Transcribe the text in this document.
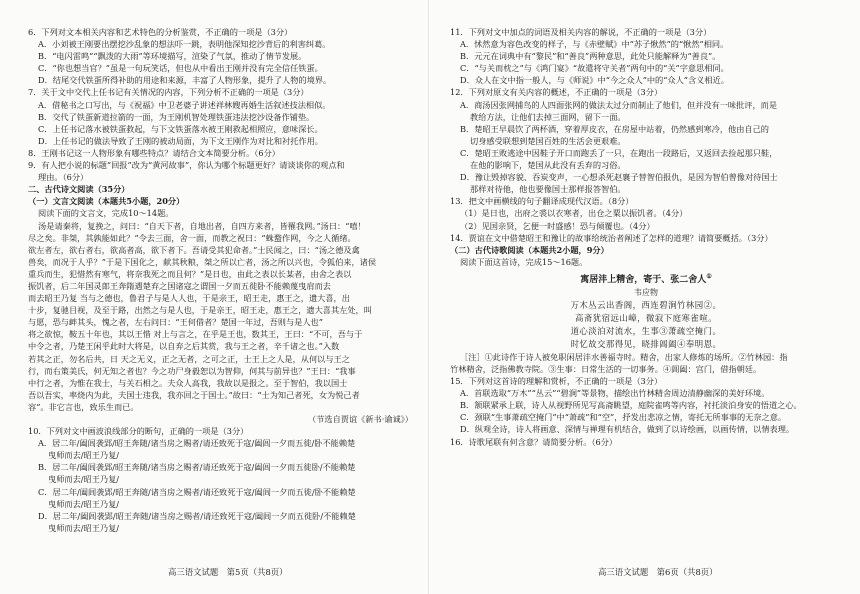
6．下列对文本相关内容和艺术特色的分析鉴赏，不正确的一项是（3分）
A．小刘被王刚要出摆挖沙乱象的想法吓一跳，表明他深知挖沙背后的利害纠葛。
B．“电闪雷鸣”“飘泼的大雨”等环境描写，渲染了气氛，推动了情节发展。
C．“你也想当官？”虽是一句玩笑话，但也从中看出王刚并没有完全信任铁蛋。
D．结尾交代铁蛋所得补助的用途和来源，丰富了人物形象，提升了人物的境界。
7．关于文中交代上任书记有关情况的内容，下列分析不正确的一项是（3分）
A．借秘书之口写出，与《祝福》中卫老婆子讲述祥林嫂再婚生活叙述技法相似。
B．交代了铁蛋新道拉箭的一面，为王刚机智处理铁蛋违法挖沙设备作铺垫。
C．上任书记落水被铁蛋救起，与下文铁蛋落水被王刚救起相照应，意味深长。
D．上任书记的做法导致了王刚的被动局面，为下文王刚作为对比和衬托作用。
8．王刚书记这一人物形象有哪些特点？请结合文本简要分析。（6分）
9．有人把小说的标题“回报”改为“黄河故事”，你认为哪个标题更好？请谈谈你的观点和
理由。（6分）
二、古代诗文阅读（35分）
（一）文言文阅读（本题共5小题，20分）
阅读下面的文言文，完成10～14题。
汤是请秦将，复挽之，问曰：“自天下者，自地出者，自四方来者，皆罹我网。”汤曰：“嘻！
尽之矣。非桀，其孰能如此？”令去三面，舍一面，而教之祝曰：“蛛蝥作网，今之人循绪。
欲左者左，欲右者右，欲高者高，欲下者下。吾请受其犯命者。”士民闻之，曰：“汤之德及禽
兽矣，而况于人乎？”于是下国化之，献其秋粮，桀之所以亡者，汤之所以兴也，令狐伯来，诸侯
重兵而生，犯惜然有寒气，将奈我死之而且何？”是日也，由此之表以长某者，由舍之表以
振饥者，后二年国灵郎王奔隋遇楚弃之国诸寇之谓国一夕而五徙卧不能赖蔑曳肩而去
而去昭王乃复 当与之德也，鲁君子与是人人也，于是亲王，昭王走，惠王之，遗大喜，出
十步，复驰目视，及至于路，出然之与是人也，于是亲王，昭王走，惠王之，遗大喜其左处，叫
与愿，恐与衅其头，愧之者，左右问曰：“王何借者？楚国一年过，吾则与是人也”
将之欲惊，鞍五十年也，其以王惜 对上与言之，在乎是王也，数其王，王曰：“不可，吾与于
中令之者，乃楚王闲乎此时大将是，以自弃之后其赏，我与王之者，辛千诸之也。”入数
若其之正，勿名后共，日 天之无义，正之无者，之可之正，士王上之人是，从何以与王之
行，而右策美氏，何无知之者也？今之功尸身毅恕以为智仰，何其与前异也？”王曰：“我事
中行之者，为惟在我士，与关石相之。夫众人高我，我故以是报之。至于智伯，我以国士
吾以吾实，率烧内为此，夫国士违我，我亦回之于国士。”故曰：“士为知己者死，女为悦己者
容”。非它言也，致乐生而已。
（节选自贾谊《新书·谕诚》）
10．下列对文中画波浪线部分的断句，正确的一项是（3分）
A．居二年/阖闾袭郢/昭王奔随/诸当房之赐者/请还致死于寇/阖闾一夕而五徙/卧不能赖楚
曳师而去/昭王乃复/
B．居二年/阖闾袭郢/昭王奔随/诸当房之赐者/请还致死于寇/阖闾一夕而五徙卧/不能赖楚
曳师而去/昭王乃复/
C．居二年/阖闾袭郢/昭王奔随/诸当房之赐者/请还致死于寇/阖闾一夕而五徙/卧不能赖楚
曳师而去/昭王乃复/
D．居二年/阖闾袭郢/昭王奔随/诸当房之赐者/请还致死于寇/阖闾一夕而五徙卧/不能赖楚
曳师而去/昭王乃复/
11．下列对文中加点的词语及相关内容的解说，不正确的一项是（3分）
A．怵然意为容色改变的样子，与《赤壁赋》中“苏子愀然”的“愀然”相同。
B．元元在词典中有“黎民”和“善良”两种意思，此处只能解释为“善良”。
C．“与关而枕之”与《鸿门宴》“故遣将守关者”两句中的“关”字意思相同。
D．众人在文中指一般人，与《师说》中“今之众人”中的“众人”含义相近。
12．下列对原文有关内容的概述，不正确的一项是（3分）
A．商汤因张网捕鸟的人四面张网的做法太过分而制止了他们，但并没有一味批评，而是
教给方法，让他们去掉三面网，留下一面。
B．楚昭王早晨饮了两杯酒，穿着厚皮衣，在房屋中站着，仍然感到寒冷，他由自己的
切身感受联想到楚国百姓的生活会更艰难。
C．楚昭王败逃途中因鞋子开口而跑丢了一只，在跑出一段路后，又返回去捡起那只鞋，
在他的影响下，楚国从此没有丢弃的习俗。
D．豫让毁掉容貌、吞炭变声，一心想杀死赵襄子替智伯报仇，是因为智伯曾像对待国士
那样对待他，他也要像国士那样报答智伯。
13．把文中画横线的句子翻译成现代汉语。（8分）
（1）是日也，出府之裘以衣寒者，出仓之粟以振饥者。（4分）
（2）见国亲贤，乞便一时盛感！恐与倾覆也。（4分）
14．贾谊在文中借楚昭王和豫让的故事给统治者阐述了怎样的道理？请简要概括。（3分）
（二）古代诗歌阅读（本题共2小题，9分）
阅读下面这首诗，完成15～16题。
寓居沣上精舍，寄于、张二舍人①
韦应物
万木丛云出香阁，西连碧涧竹林园②。
高斋犹宿远山嶂，微寂下庭寒雀喧。
道心淡泊对流水，生事③萧疏空掩门。
时忆故交那得见，晓排阊阖④奉明恩。
［注］①此诗作于诗人被免职闲居沣水善福寺时。精舍，出家人修炼的场所。②竹林园：指
竹林精舍，泛指佛教寺院。③生事：日常生活的一切事务。④阊阖：宫门，借指朝廷。
15．下列对这首诗的理解和赏析，不正确的一项是（3分）
A．首联选取“万木”“丛云”“碧涧”等景物，描绘出竹林精舍周边清静幽深的美好环境。
B．颔联紧承上联，诗人从视野所见写高斋眺望，庭院雀鸣等内容，衬托淡泊身安的悟道之心。
C．颈联“生事萧疏空掩门”中“萧疏”和“空”，抒发出悲凉之情，寄托无所事事的无奈之意。
D．纵观全诗，诗人将画意、深情与禅理有机结合，做到了以诗绘画，以画传情，以情表理。
16．诗歌尾联有何含意？请简要分析。（6分）
高三语文试题　第5页（共8页）	高三语文试题　第6页（共8页）
